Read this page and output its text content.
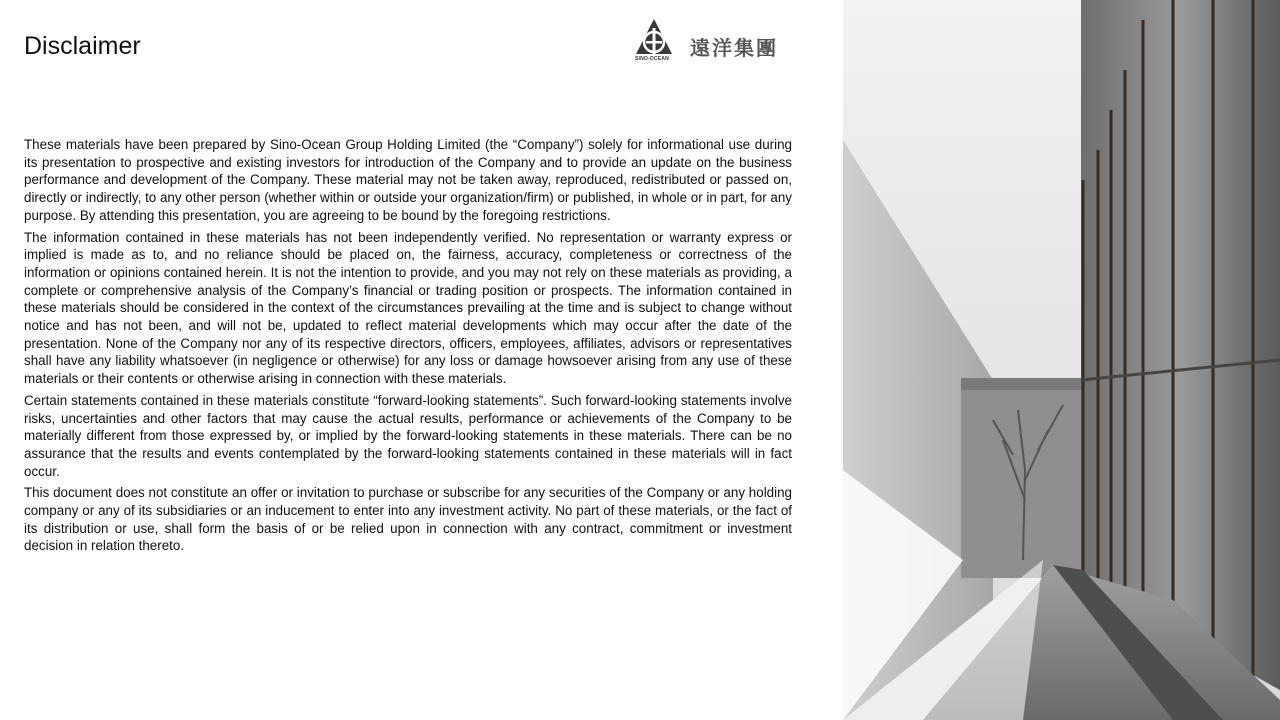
Disclaimer	SINO-OCEAN 遠洋集團

These materials have been prepared by Sino-Ocean Group Holding Limited (the “Company”) solely for informational use during its presentation to prospective and existing investors for introduction of the Company and to provide an update on the business performance and development of the Company. These material may not be taken away, reproduced, redistributed or passed on, directly or indirectly, to any other person (whether within or outside your organization/firm) or published, in whole or in part, for any purpose. By attending this presentation, you are agreeing to be bound by the foregoing restrictions.

The information contained in these materials has not been independently verified. No representation or warranty express or implied is made as to, and no reliance should be placed on, the fairness, accuracy, completeness or correctness of the information or opinions contained herein. It is not the intention to provide, and you may not rely on these materials as providing, a complete or comprehensive analysis of the Company’s financial or trading position or prospects. The information contained in these materials should be considered in the context of the circumstances prevailing at the time and is subject to change without notice and has not been, and will not be, updated to reflect material developments which may occur after the date of the presentation. None of the Company nor any of its respective directors, officers, employees, affiliates, advisors or representatives shall have any liability whatsoever (in negligence or otherwise) for any loss or damage howsoever arising from any use of these materials or their contents or otherwise arising in connection with these materials.

Certain statements contained in these materials constitute “forward-looking statements”. Such forward-looking statements involve risks, uncertainties and other factors that may cause the actual results, performance or achievements of the Company to be materially different from those expressed by, or implied by the forward-looking statements in these materials. There can be no assurance that the results and events contemplated by the forward-looking statements contained in these materials will in fact occur.

This document does not constitute an offer or invitation to purchase or subscribe for any securities of the Company or any holding company or any of its subsidiaries or an inducement to enter into any investment activity. No part of these materials, or the fact of its distribution or use, shall form the basis of or be relied upon in connection with any contract, commitment or investment decision in relation thereto.
